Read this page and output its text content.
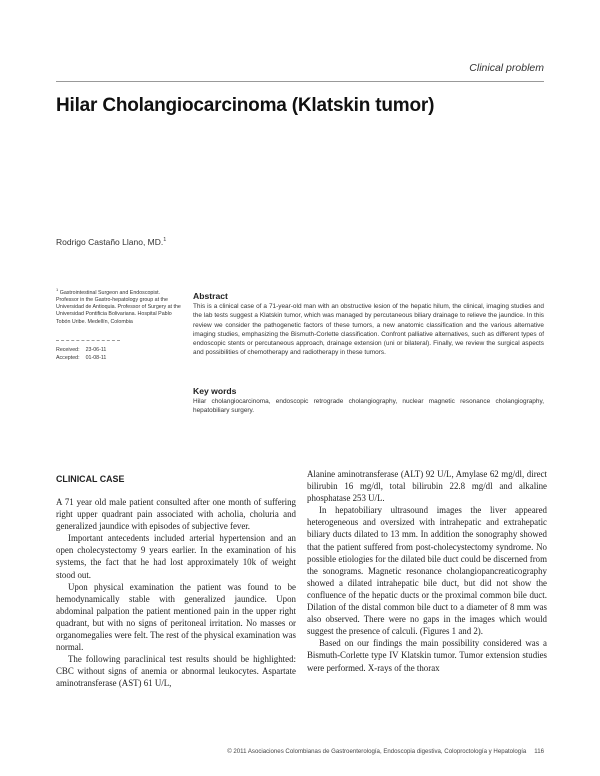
Clinical problem
Hilar Cholangiocarcinoma (Klatskin tumor)
Rodrigo Castaño Llano, MD.$^1$
$^1$ Gastrointestinal Surgeon and Endoscopist. Professor in the Gastro-hepatology group at the Universidad de Antioquia. Professor of Surgery at the Universidad Pontificia Bolivariana. Hospital Pablo Tobón Uribe. Medellín, Colombia
Received:	23-06-11
Accepted:	01-08-11
Abstract

This is a clinical case of a 71-year-old man with an obstructive lesion of the hepatic hilum, the clinical, imaging studies and the lab tests suggest a Klatskin tumor, which was managed by percutaneous biliary drainage to relieve the jaundice. In this review we consider the pathogenetic factors of these tumors, a new anatomic classification and the various alternative imaging studies, emphasizing the Bismuth-Corlette classification. Confront palliative alternatives, such as different types of endoscopic stents or percutaneous approach, drainage extension (uni or bilateral). Finally, we review the surgical aspects and possibilities of chemotherapy and radiotherapy in these tumors.

Key words

Hilar cholangiocarcinoma, endoscopic retrograde cholangiography, nuclear magnetic resonance cholangiography, hepatobiliary surgery.

CLINICAL CASE

A 71 year old male patient consulted after one month of suffering right upper quadrant pain associated with acholia, choluria and generalized jaundice with episodes of subjective fever.

Important antecedents included arterial hypertension and an open cholecystectomy 9 years earlier. In the examination of his systems, the fact that he had lost approximately 10k of weight stood out.

Upon physical examination the patient was found to be hemodynamically stable with generalized jaundice. Upon abdominal palpation the patient mentioned pain in the upper right quadrant, but with no signs of peritoneal irritation. No masses or organomegalies were felt. The rest of the physical examination was normal.

The following paraclinical test results should be highlighted: CBC without signs of anemia or abnormal leukocytes. Aspartate aminotransferase (AST) 61 U/L,

Alanine aminotransferase (ALT) 92 U/L, Amylase 62 mg/dl, direct bilirubin 16 mg/dl, total bilirubin 22.8 mg/dl and alkaline phosphatase 253 U/L.

In hepatobiliary ultrasound images the liver appeared heterogeneous and oversized with intrahepatic and extrahepatic biliary ducts dilated to 13 mm. In addition the sonography showed that the patient suffered from post-cholecystectomy syndrome. No possible etiologies for the dilated bile duct could be discerned from the sonograms. Magnetic resonance cholangiopancreaticography showed a dilated intrahepatic bile duct, but did not show the confluence of the hepatic ducts or the proximal common bile duct. Dilation of the distal common bile duct to a diameter of 8 mm was also observed. There were no gaps in the images which would suggest the presence of calculi. (Figures 1 and 2).

Based on our findings the main possibility considered was a Bismuth-Corlette type IV Klatskin tumor. Tumor extension studies were performed. X-rays of the thorax

© 2011 Asociaciones Colombianas de Gastroenterología, Endoscopia digestiva, Coloproctología y Hepatología 116
